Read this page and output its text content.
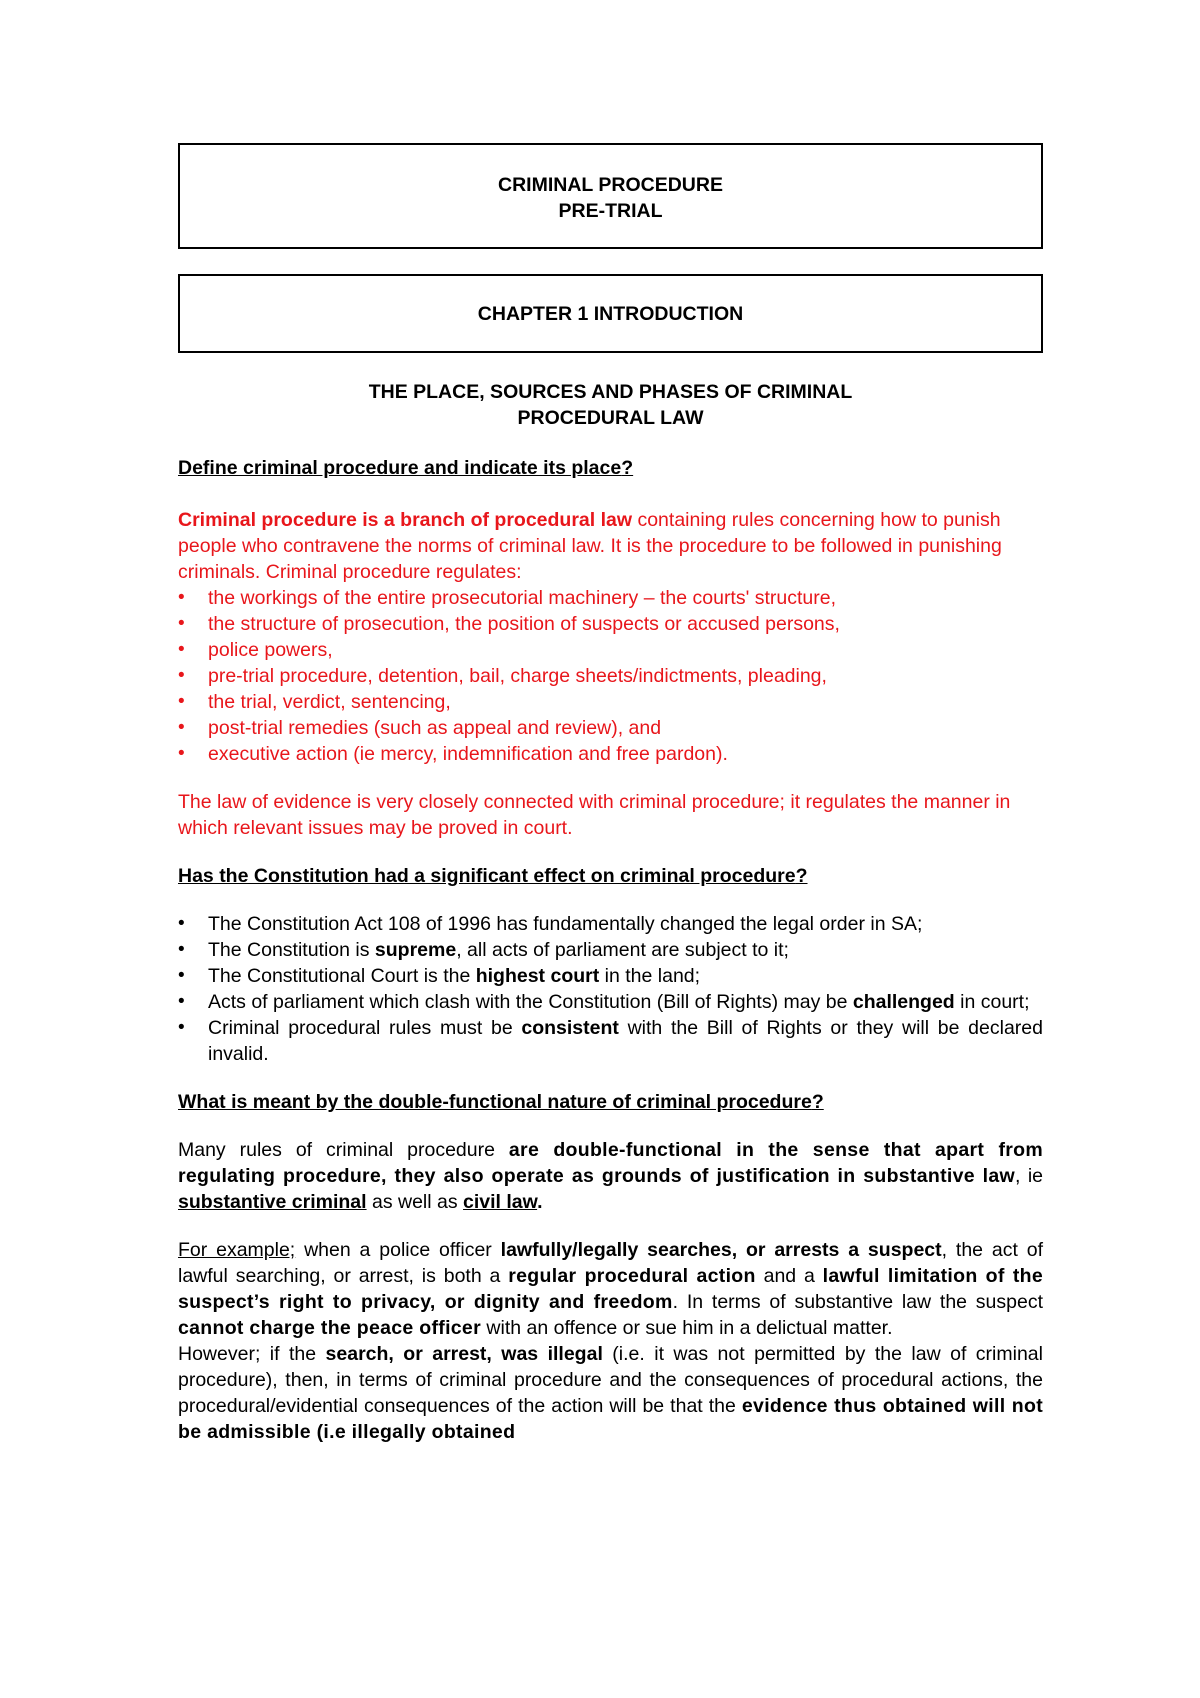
CRIMINAL PROCEDURE
PRE-TRIAL
CHAPTER 1 INTRODUCTION
THE PLACE, SOURCES AND PHASES OF CRIMINAL
PROCEDURAL LAW
Define criminal procedure and indicate its place?

Criminal procedure is a branch of procedural law containing rules concerning how to punish people who contravene the norms of criminal law. It is the procedure to be followed in punishing criminals. Criminal procedure regulates:

• the workings of the entire prosecutorial machinery – the courts' structure,
• the structure of prosecution, the position of suspects or accused persons,
• police powers,
• pre-trial procedure, detention, bail, charge sheets/indictments, pleading,
• the trial, verdict, sentencing,
• post-trial remedies (such as appeal and review), and
• executive action (ie mercy, indemnification and free pardon).

The law of evidence is very closely connected with criminal procedure; it regulates the manner in which relevant issues may be proved in court.

Has the Constitution had a significant effect on criminal procedure?
• The Constitution Act 108 of 1996 has fundamentally changed the legal order in SA;
• The Constitution is supreme, all acts of parliament are subject to it;
• The Constitutional Court is the highest court in the land;
• Acts of parliament which clash with the Constitution (Bill of Rights) may be challenged in court;
• Criminal procedural rules must be consistent with the Bill of Rights or they will be declared invalid.
What is meant by the double-functional nature of criminal procedure?

Many rules of criminal procedure are double-functional in the sense that apart from regulating procedure, they also operate as grounds of justification in substantive law, ie substantive criminal as well as civil law.

For example; when a police officer lawfully/legally searches, or arrests a suspect, the act of lawful searching, or arrest, is both a regular procedural action and a lawful limitation of the suspect’s right to privacy, or dignity and freedom. In terms of substantive law the suspect cannot charge the peace officer with an offence or sue him in a delictual matter.

However; if the search, or arrest, was illegal (i.e. it was not permitted by the law of criminal procedure), then, in terms of criminal procedure and the consequences of procedural actions, the procedural/evidential consequences of the action will be that the evidence thus obtained will not be admissible (i.e illegally obtained
